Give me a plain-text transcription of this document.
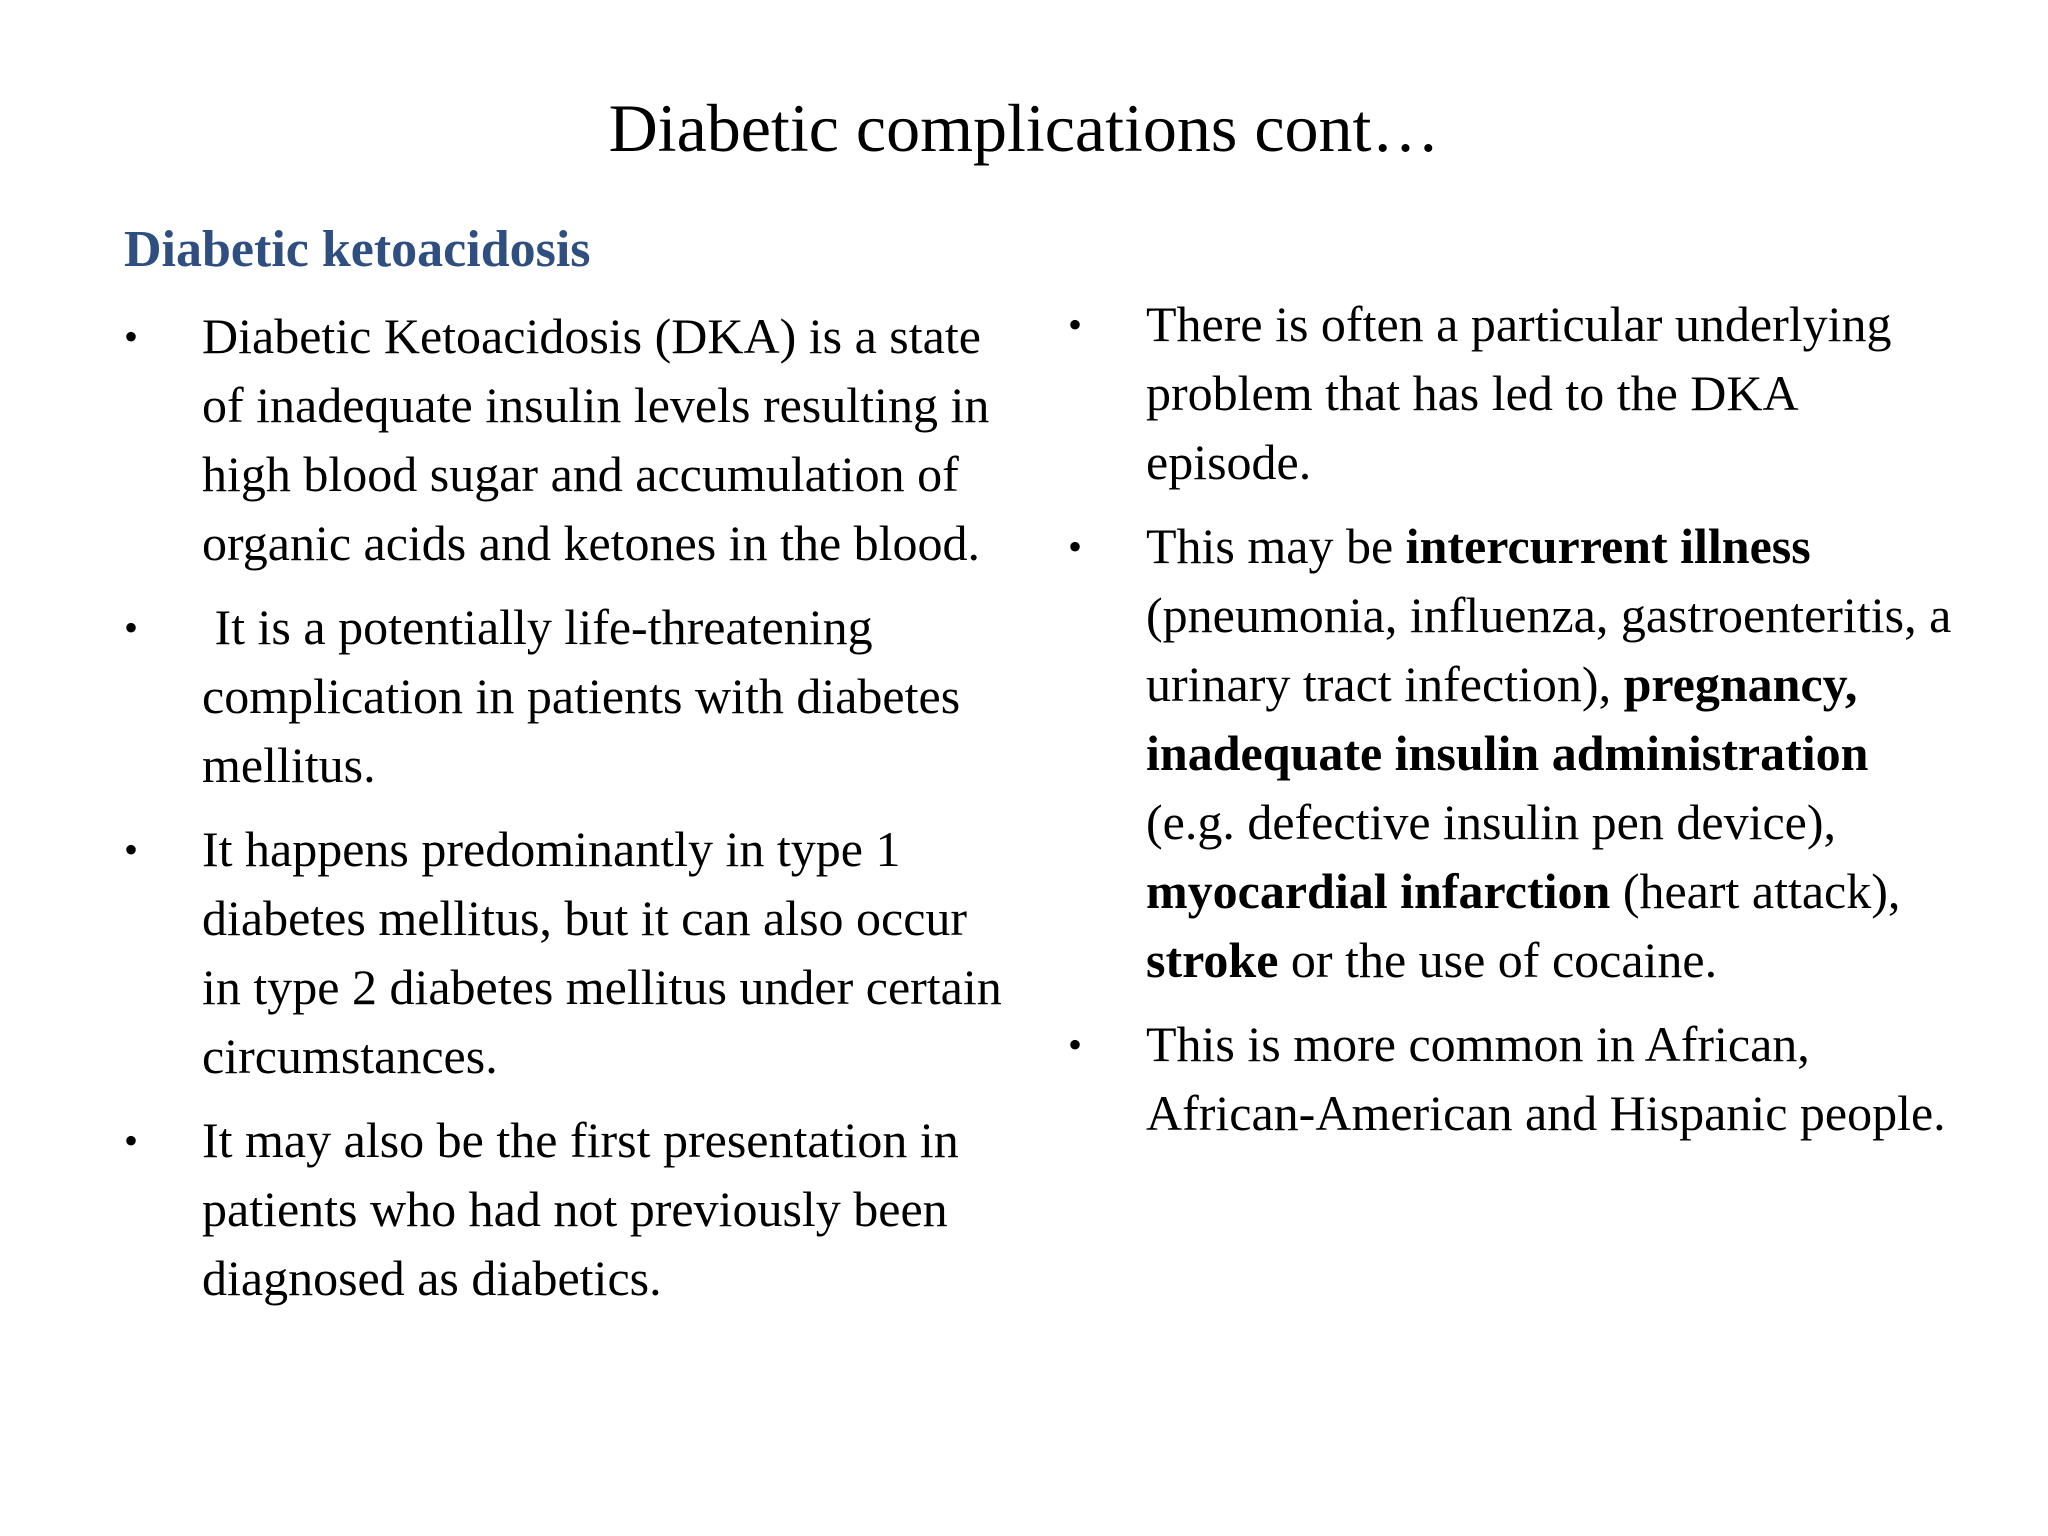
Diabetic complications cont…
Diabetic ketoacidosis
•	Diabetic Ketoacidosis (DKA) is a state of inadequate insulin levels resulting in high blood sugar and accumulation of organic acids and ketones in the blood.
•	It is a potentially life-threatening complication in patients with diabetes mellitus.
•	It happens predominantly in type 1 diabetes mellitus, but it can also occur in type 2 diabetes mellitus under certain circumstances.
•	It may also be the first presentation in patients who had not previously been diagnosed as diabetics.
•	There is often a particular underlying problem that has led to the DKA episode.
•	This may be intercurrent illness (pneumonia, influenza, gastroenteritis, a urinary tract infection), pregnancy, inadequate insulin administration (e.g. defective insulin pen device), myocardial infarction (heart attack), stroke or the use of cocaine.
•	This is more common in African, African-American and Hispanic people.
